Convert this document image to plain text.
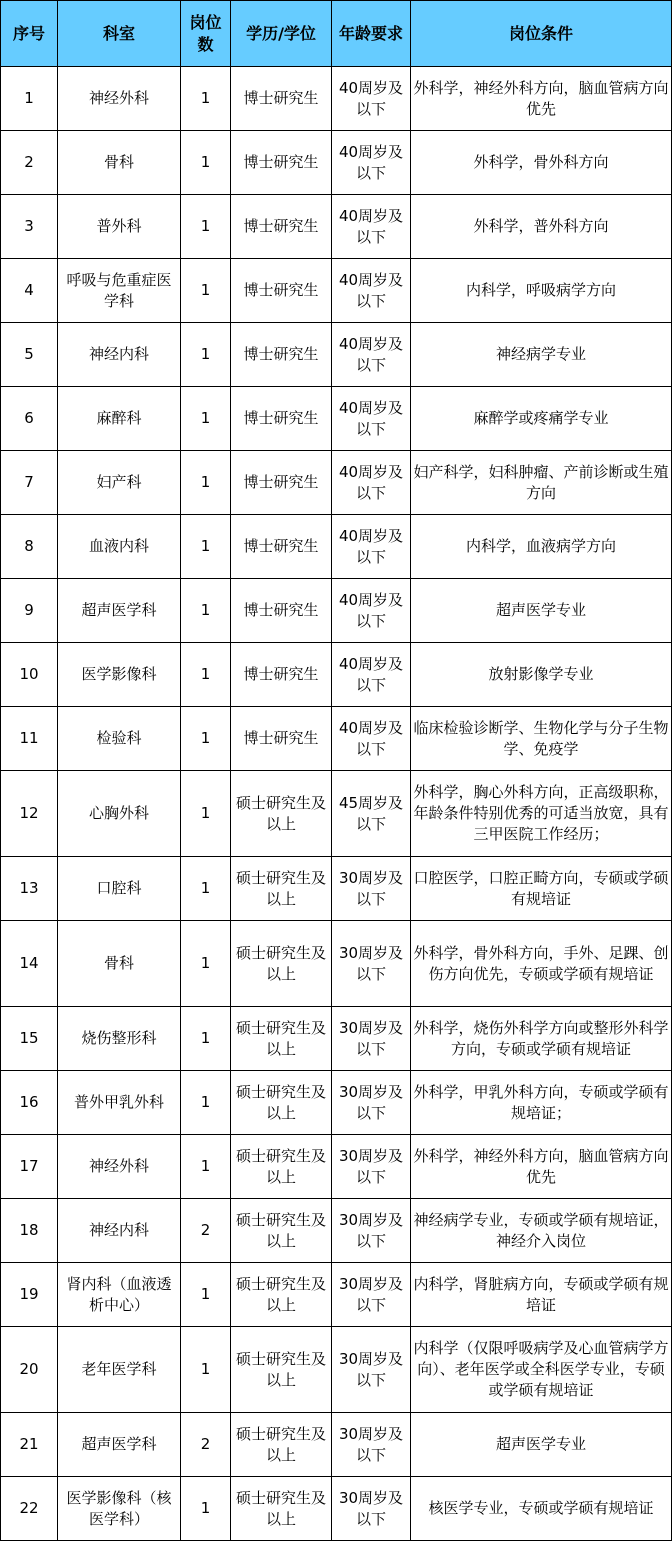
序号	科室	岗位数	学历/学位	年龄要求	岗位条件
1	神经外科	1	博士研究生	40周岁及以下	外科学，神经外科方向，脑血管病方向优先
2	骨科	1	博士研究生	40周岁及以下	外科学，骨外科方向
3	普外科	1	博士研究生	40周岁及以下	外科学，普外科方向
4	呼吸与危重症医学科	1	博士研究生	40周岁及以下	内科学，呼吸病学方向
5	神经内科	1	博士研究生	40周岁及以下	神经病学专业
6	麻醉科	1	博士研究生	40周岁及以下	麻醉学或疼痛学专业
7	妇产科	1	博士研究生	40周岁及以下	妇产科学，妇科肿瘤、产前诊断或生殖方向
8	血液内科	1	博士研究生	40周岁及以下	内科学，血液病学方向
9	超声医学科	1	博士研究生	40周岁及以下	超声医学专业
10	医学影像科	1	博士研究生	40周岁及以下	放射影像学专业
11	检验科	1	博士研究生	40周岁及以下	临床检验诊断学、生物化学与分子生物学、免疫学
12	心胸外科	1	硕士研究生及以上	45周岁及以下	外科学，胸心外科方向，正高级职称，年龄条件特别优秀的可适当放宽，具有三甲医院工作经历；
13	口腔科	1	硕士研究生及以上	30周岁及以下	口腔医学，口腔正畸方向，专硕或学硕有规培证
14	骨科	1	硕士研究生及以上	30周岁及以下	外科学，骨外科方向，手外、足踝、创伤方向优先，专硕或学硕有规培证
15	烧伤整形科	1	硕士研究生及以上	30周岁及以下	外科学，烧伤外科学方向或整形外科学方向，专硕或学硕有规培证
16	普外甲乳外科	1	硕士研究生及以上	30周岁及以下	外科学，甲乳外科方向，专硕或学硕有规培证；
17	神经外科	1	硕士研究生及以上	30周岁及以下	外科学，神经外科方向，脑血管病方向优先
18	神经内科	2	硕士研究生及以上	30周岁及以下	神经病学专业，专硕或学硕有规培证，神经介入岗位
19	肾内科（血液透析中心）	1	硕士研究生及以上	30周岁及以下	内科学，肾脏病方向，专硕或学硕有规培证
20	老年医学科	1	硕士研究生及以上	30周岁及以下	内科学（仅限呼吸病学及心血管病学方向）、老年医学或全科医学专业，专硕或学硕有规培证
21	超声医学科	2	硕士研究生及以上	30周岁及以下	超声医学专业
22	医学影像科（核医学科）	1	硕士研究生及以上	30周岁及以下	核医学专业，专硕或学硕有规培证
